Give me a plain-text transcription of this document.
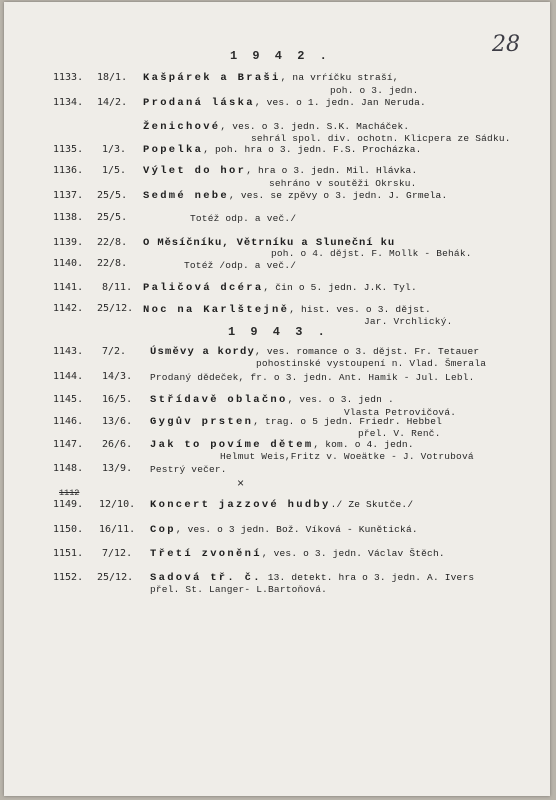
28
1 9 4 2 .
1133. 18/1. Kašpárek a Braši, na vrŕíčku straší,
poh. o 3. jedn.
1134. 14/2. Prodaná láska, ves. o 1. jedn. Jan Neruda.
Ženichové, ves. o 3. jedn. S.K. Macháček.
sehrál spol. div. ochotn. Klicpera ze Sádku.
1135. 1/3. Popelka, poh. hra o 3. jedn. F.S. Procházka.
1136. 1/5. Výlet do hor, hra o 3. jedn. Mil. Hlávka.
sehráno v soutěži Okrsku.
1137. 25/5. Sedmé nebe, ves. se zpěvy o 3. jedn. J. Grmela.
1138. 25/5.	Totéž odp. a več./
1139. 22/8. O Měsíčníku, Větrníku a Sluneční ku
poh. o 4. dějst. F. Mollk - Behák.
1140. 22/8.	Totéž /odp. a več./
1141. 8/11. Paličová dcéra, čin o 5. jedn. J.K. Tyl.
1142. 25/12. Noc na Karlštejně, hist. ves. o 3. dějst.
Jar. Vrchlický.
1 9 4 3 .
1143. 7/2. Úsměvy a kordy, ves. romance o 3. dějst. Fr. Tetauer
pohostinské vystoupení n. Vlad. Šmerala
1144. 14/3. Prodaný dědeček, fr. o 3. jedn. Ant. Hamik - Jul. Lebl.
1145. 16/5. Střídavě oblačno, ves. o 3. jedn .
Vlasta Petrovičová.
1146. 13/6. Gygův prsten, trag. o 5 jedn. Friedr. Hebbel
přel. V. Renč.
1147. 26/6. Jak to povíme dětem, kom. o 4. jedn.
Helmut Weis,Fritz v. Woeätke - J. Votrubová
1148. 13/9. Pestrý večer.
×
1112
1149. 12/10. Koncert jazzové hudby./ Ze Skutče./
1150. 16/11. Cop, ves. o 3 jedn. Bož. Víková - Kunětická.
1151. 7/12. Třetí zvonění, ves. o 3. jedn. Václav Štěch.
1152. 25/12. Sadová tř. č. 13. detekt. hra o 3. jedn. A. Ivers
přel. St. Langer- L.Bartoňová.
